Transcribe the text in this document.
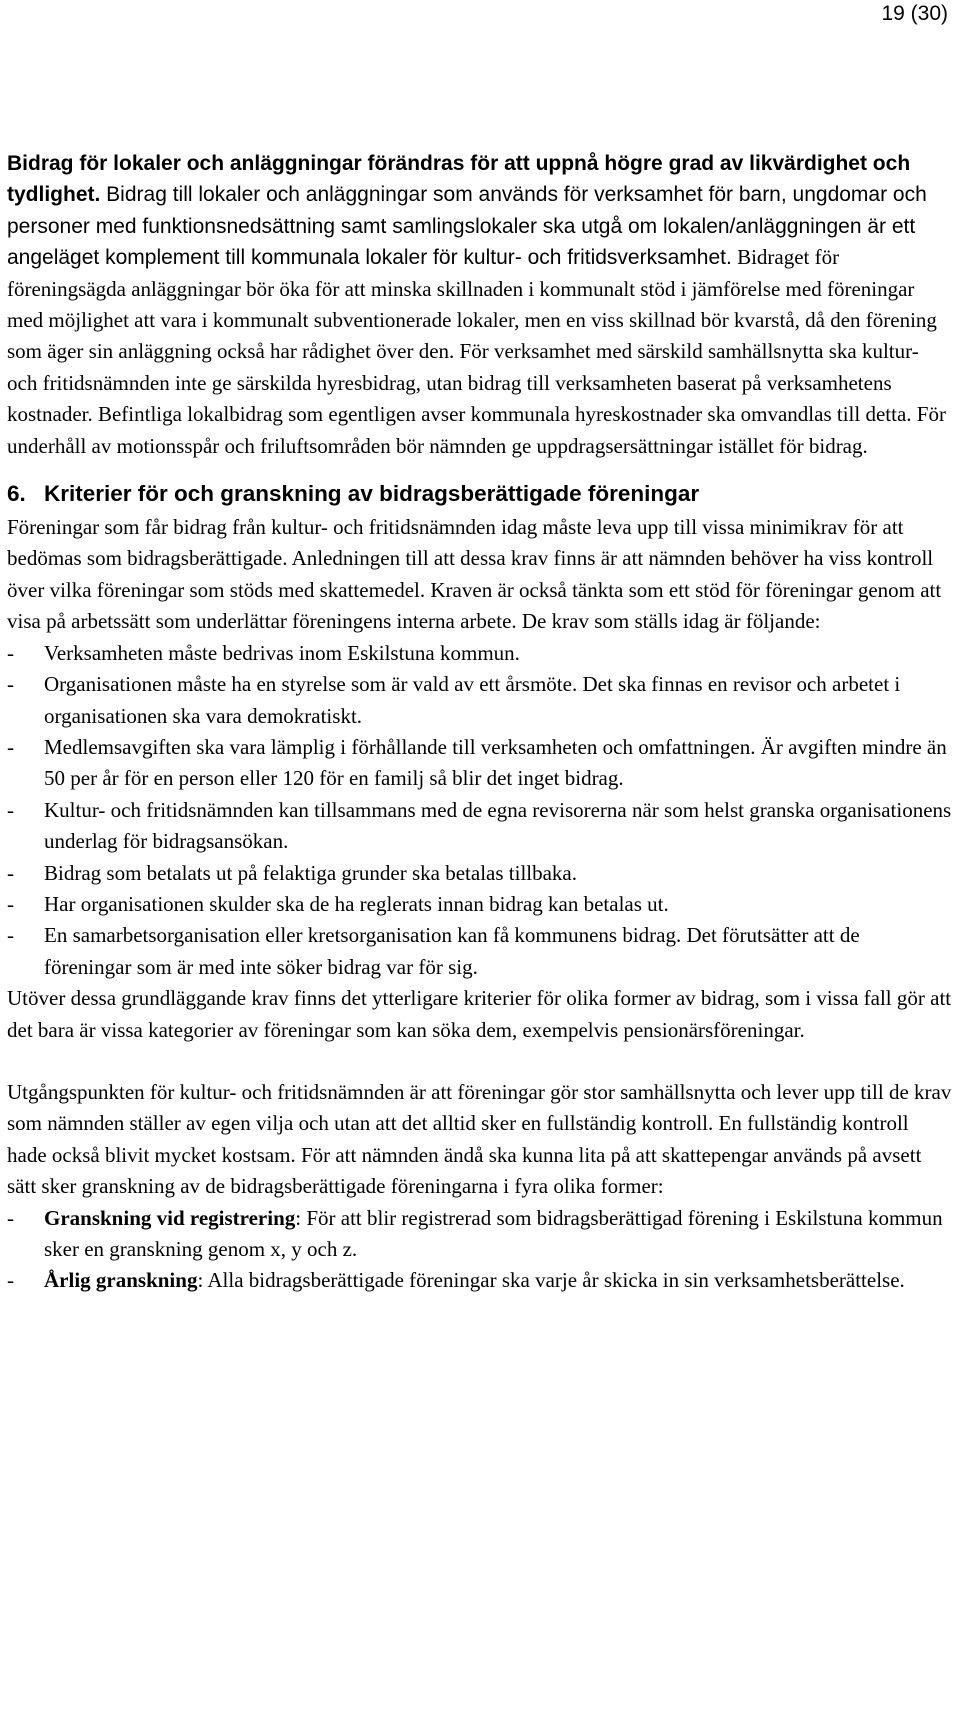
19 (30)

Bidrag för lokaler och anläggningar förändras för att uppnå högre grad av likvärdighet och tydlighet. Bidrag till lokaler och anläggningar som används för verksamhet för barn, ungdomar och personer med funktionsnedsättning samt samlingslokaler ska utgå om lokalen/anläggningen är ett angeläget komplement till kommunala lokaler för kultur- och fritidsverksamhet. Bidraget för föreningsägda anläggningar bör öka för att minska skillnaden i kommunalt stöd i jämförelse med föreningar med möjlighet att vara i kommunalt subventionerade lokaler, men en viss skillnad bör kvarstå, då den förening som äger sin anläggning också har rådighet över den. För verksamhet med särskild samhällsnytta ska kultur- och fritidsnämnden inte ge särskilda hyresbidrag, utan bidrag till verksamheten baserat på verksamhetens kostnader. Befintliga lokalbidrag som egentligen avser kommunala hyreskostnader ska omvandlas till detta. För underhåll av motionsspår och friluftsområden bör nämnden ge uppdragsersättningar istället för bidrag.

6. Kriterier för och granskning av bidragsberättigade föreningar

Föreningar som får bidrag från kultur- och fritidsnämnden idag måste leva upp till vissa minimikrav för att bedömas som bidragsberättigade. Anledningen till att dessa krav finns är att nämnden behöver ha viss kontroll över vilka föreningar som stöds med skattemedel. Kraven är också tänkta som ett stöd för föreningar genom att visa på arbetssätt som underlättar föreningens interna arbete. De krav som ställs idag är följande:

- Verksamheten måste bedrivas inom Eskilstuna kommun.
- Organisationen måste ha en styrelse som är vald av ett årsmöte. Det ska finnas en revisor och arbetet i organisationen ska vara demokratiskt.
- Medlemsavgiften ska vara lämplig i förhållande till verksamheten och omfattningen. Är avgiften mindre än 50 per år för en person eller 120 för en familj så blir det inget bidrag.
- Kultur- och fritidsnämnden kan tillsammans med de egna revisorerna när som helst granska organisationens underlag för bidragsansökan.
- Bidrag som betalats ut på felaktiga grunder ska betalas tillbaka.
- Har organisationen skulder ska de ha reglerats innan bidrag kan betalas ut.
- En samarbetsorganisation eller kretsorganisation kan få kommunens bidrag. Det förutsätter att de föreningar som är med inte söker bidrag var för sig.

Utöver dessa grundläggande krav finns det ytterligare kriterier för olika former av bidrag, som i vissa fall gör att det bara är vissa kategorier av föreningar som kan söka dem, exempelvis pensionärsföreningar.

Utgångspunkten för kultur- och fritidsnämnden är att föreningar gör stor samhällsnytta och lever upp till de krav som nämnden ställer av egen vilja och utan att det alltid sker en fullständig kontroll. En fullständig kontroll hade också blivit mycket kostsam. För att nämnden ändå ska kunna lita på att skattepengar används på avsett sätt sker granskning av de bidragsberättigade föreningarna i fyra olika former:

- Granskning vid registrering: För att blir registrerad som bidragsberättigad förening i Eskilstuna kommun sker en granskning genom x, y och z.
- Årlig granskning: Alla bidragsberättigade föreningar ska varje år skicka in sin verksamhetsberättelse.
